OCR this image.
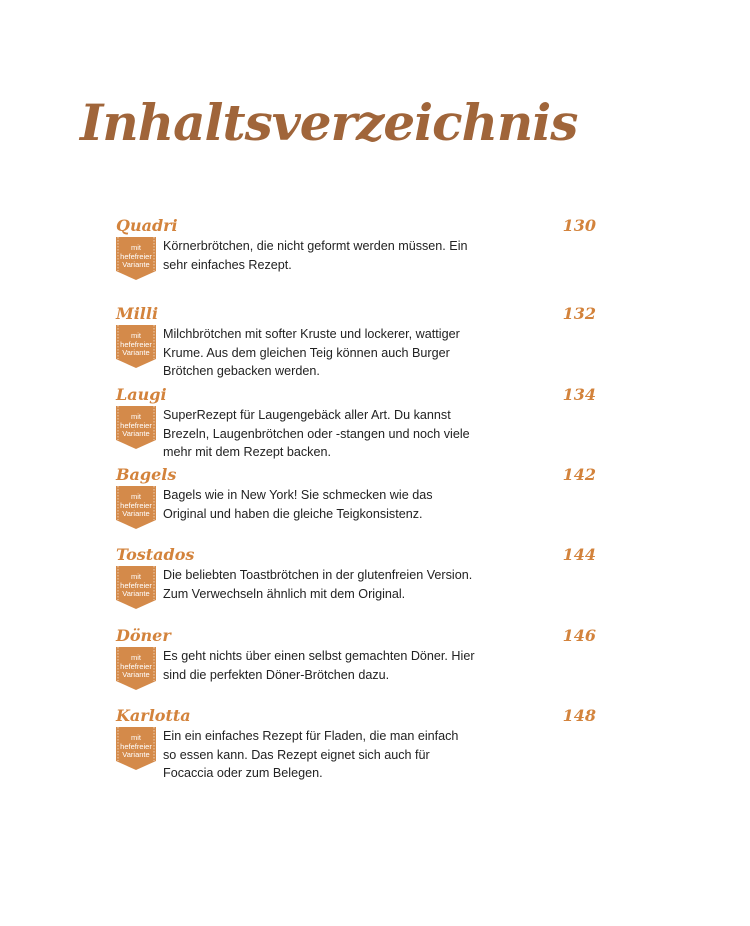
Inhaltsverzeichnis
Quadri	130
mit
hefefreier
Variante

Körnerbrötchen, die nicht geformt werden müssen. Ein sehr einfaches Rezept.

Milli	132
mit
hefefreier
Variante

Milchbrötchen mit softer Kruste und lockerer, wattiger Krume. Aus dem gleichen Teig können auch Burger Brötchen gebacken werden.

Laugi	134
mit
hefefreier
Variante

SuperRezept für Laugengebäck aller Art. Du kannst Brezeln, Laugenbrötchen oder -stangen und noch viele mehr mit dem Rezept backen.

Bagels	142
mit
hefefreier
Variante

Bagels wie in New York! Sie schmecken wie das Original und haben die gleiche Teigkonsistenz.

Tostados	144
mit
hefefreier
Variante

Die beliebten Toastbrötchen in der glutenfreien Version. Zum Verwechseln ähnlich mit dem Original.

Döner	146
mit
hefefreier
Variante

Es geht nichts über einen selbst gemachten Döner. Hier sind die perfekten Döner-Brötchen dazu.

Karlotta	148
mit
hefefreier
Variante

Ein ein einfaches Rezept für Fladen, die man einfach so essen kann. Das Rezept eignet sich auch für Focaccia oder zum Belegen.
